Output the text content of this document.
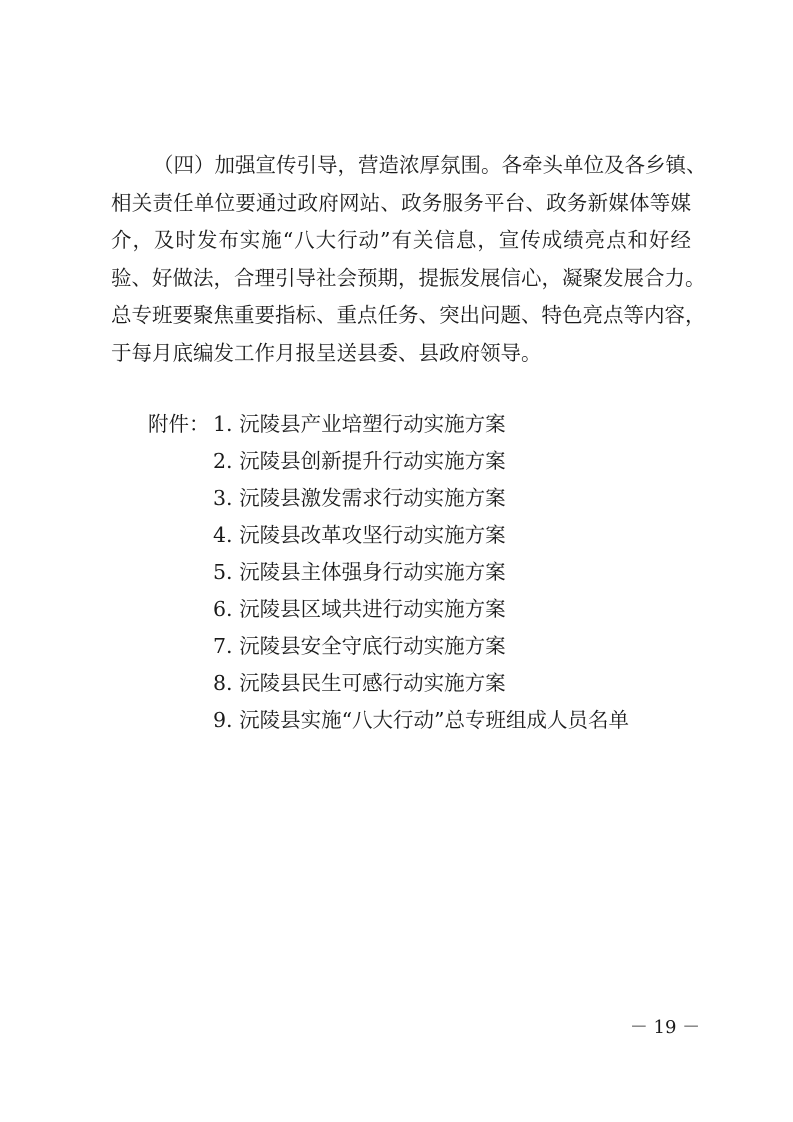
（四）加强宣传引导，营造浓厚氛围。各牵头单位及各乡镇、
相关责任单位要通过政府网站、政务服务平台、政务新媒体等媒
介，及时发布实施“八大行动”有关信息，宣传成绩亮点和好经
验、好做法，合理引导社会预期，提振发展信心，凝聚发展合力。
总专班要聚焦重要指标、重点任务、突出问题、特色亮点等内容，
于每月底编发工作月报呈送县委、县政府领导。
附件： 1. 沅陵县产业培塑行动实施方案
2. 沅陵县创新提升行动实施方案
3. 沅陵县激发需求行动实施方案
4. 沅陵县改革攻坚行动实施方案
5. 沅陵县主体强身行动实施方案
6. 沅陵县区域共进行动实施方案
7. 沅陵县安全守底行动实施方案
8. 沅陵县民生可感行动实施方案
9. 沅陵县实施“八大行动”总专班组成人员名单
－ 19 －
